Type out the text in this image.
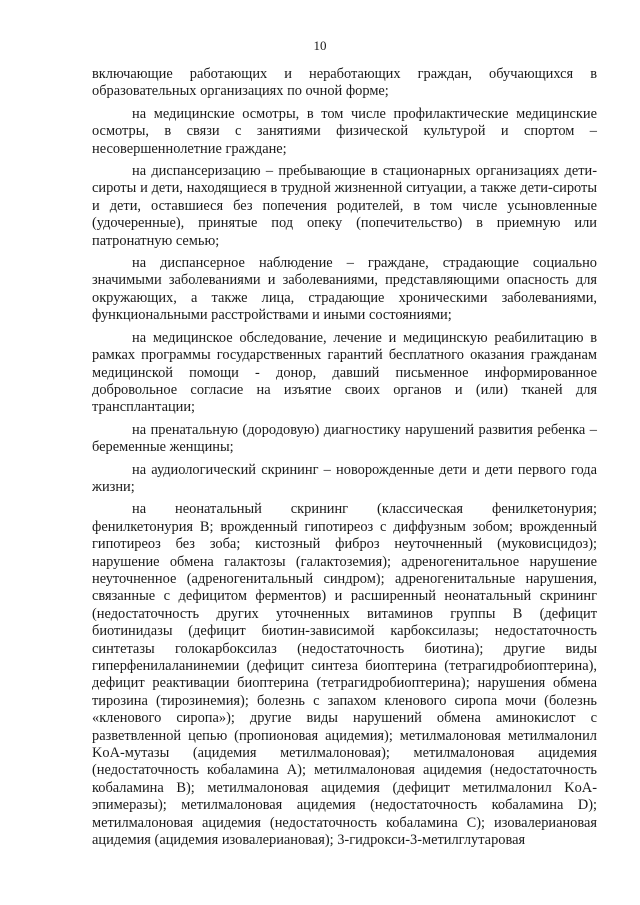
10

включающие работающих и неработающих граждан, обучающихся в образовательных организациях по очной форме;

на медицинские осмотры, в том числе профилактические медицинские осмотры, в связи с занятиями физической культурой и спортом – несовершеннолетние граждане;

на диспансеризацию – пребывающие в стационарных организациях дети-сироты и дети, находящиеся в трудной жизненной ситуации, а также дети-сироты и дети, оставшиеся без попечения родителей, в том числе усыновленные (удочеренные), принятые под опеку (попечительство) в приемную или патронатную семью;

на диспансерное наблюдение – граждане, страдающие социально значимыми заболеваниями и заболеваниями, представляющими опасность для окружающих, а также лица, страдающие хроническими заболеваниями, функциональными расстройствами и иными состояниями;

на медицинское обследование, лечение и медицинскую реабилитацию в рамках программы государственных гарантий бесплатного оказания гражданам медицинской помощи - донор, давший письменное информированное добровольное согласие на изъятие своих органов и (или) тканей для трансплантации;

на пренатальную (дородовую) диагностику нарушений развития ребенка – беременные женщины;

на аудиологический скрининг – новорожденные дети и дети первого года жизни;

на неонатальный скрининг (классическая фенилкетонурия; фенилкетонурия B; врожденный гипотиреоз с диффузным зобом; врожденный гипотиреоз без зоба; кистозный фиброз неуточненный (муковисцидоз); нарушение обмена галактозы (галактоземия); адреногенитальное нарушение неуточненное (адреногенитальный синдром); адреногенитальные нарушения, связанные с дефицитом ферментов) и расширенный неонатальный скрининг (недостаточность других уточненных витаминов группы B (дефицит биотинидазы (дефицит биотин-зависимой карбоксилазы; недостаточность синтетазы голокарбоксилаз (недостаточность биотина); другие виды гиперфенилаланинемии (дефицит синтеза биоптерина (тетрагидробиоптерина), дефицит реактивации биоптерина (тетрагидробиоптерина); нарушения обмена тирозина (тирозинемия); болезнь с запахом кленового сиропа мочи (болезнь «кленового сиропа»); другие виды нарушений обмена аминокислот с разветвленной цепью (пропионовая ацидемия); метилмалоновая метилмалонил KoA-мутазы (ацидемия метилмалоновая); метилмалоновая ацидемия (недостаточность кобаламина A); метилмалоновая ацидемия (недостаточность кобаламина B); метилмалоновая ацидемия (дефицит метилмалонил KoA-эпимеразы); метилмалоновая ацидемия (недостаточность кобаламина D); метилмалоновая ацидемия (недостаточность кобаламина C); изовалериановая ацидемия (ацидемия изовалериановая); 3-гидрокси-3-метилглутаровая
